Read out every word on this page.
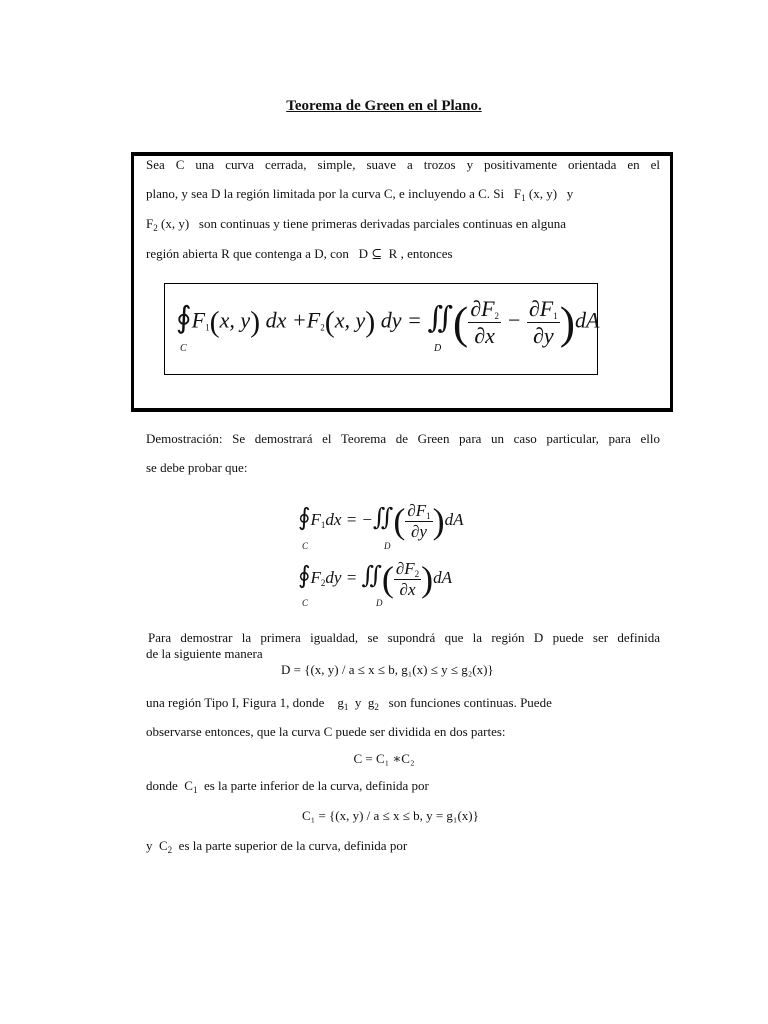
Teorema de Green en el Plano.
Sea C una curva cerrada, simple, suave a trozos y positivamente orientada en el
plano, y sea D la región limitada por la curva C, e incluyendo a C. Si   $F_1$ (x, y)   y
$F_2$ (x, y)   son continuas y tiene primeras derivadas parciales continuas en alguna
región abierta R que contenga a D, con   D ⊆  R , entonces
$∮F_1(x$, y) dx $+F_2(x$, y) dy = ∬( $\frac{\partial F_2}{\partial x} - \frac{\partial F_1}{\partial y} )dA$
C	D
Demostración: Se demostrará el Teorema de Green para un caso particular, para ello
se debe probar que:
$∮F_1dx$ = −∬( $\frac{\partial F_1}{\partial y} )dA$
C	D
$∮F_2dy$ = ∬( $\frac{\partial F_2}{\partial x} )dA$
C	D
Para demostrar la primera igualdad, se supondrá que la región D puede ser definida
de la siguiente manera
D = {(x, y) / a ≤ x ≤ b, g₁(x) ≤ y ≤ g₂(x)}
una región Tipo I, Figura 1, donde    $g_1$  y  $g_2$ son funciones continuas. Puede
observarse entonces, que la curva C puede ser dividida en dos partes:
C = C₁ ∗C₂
donde  $C_1$ es la parte inferior de la curva, definida por
C₁ = {(x, y) / a ≤ x ≤ b, y = g₁(x)}
y  $C_2$ es la parte superior de la curva, definida por
